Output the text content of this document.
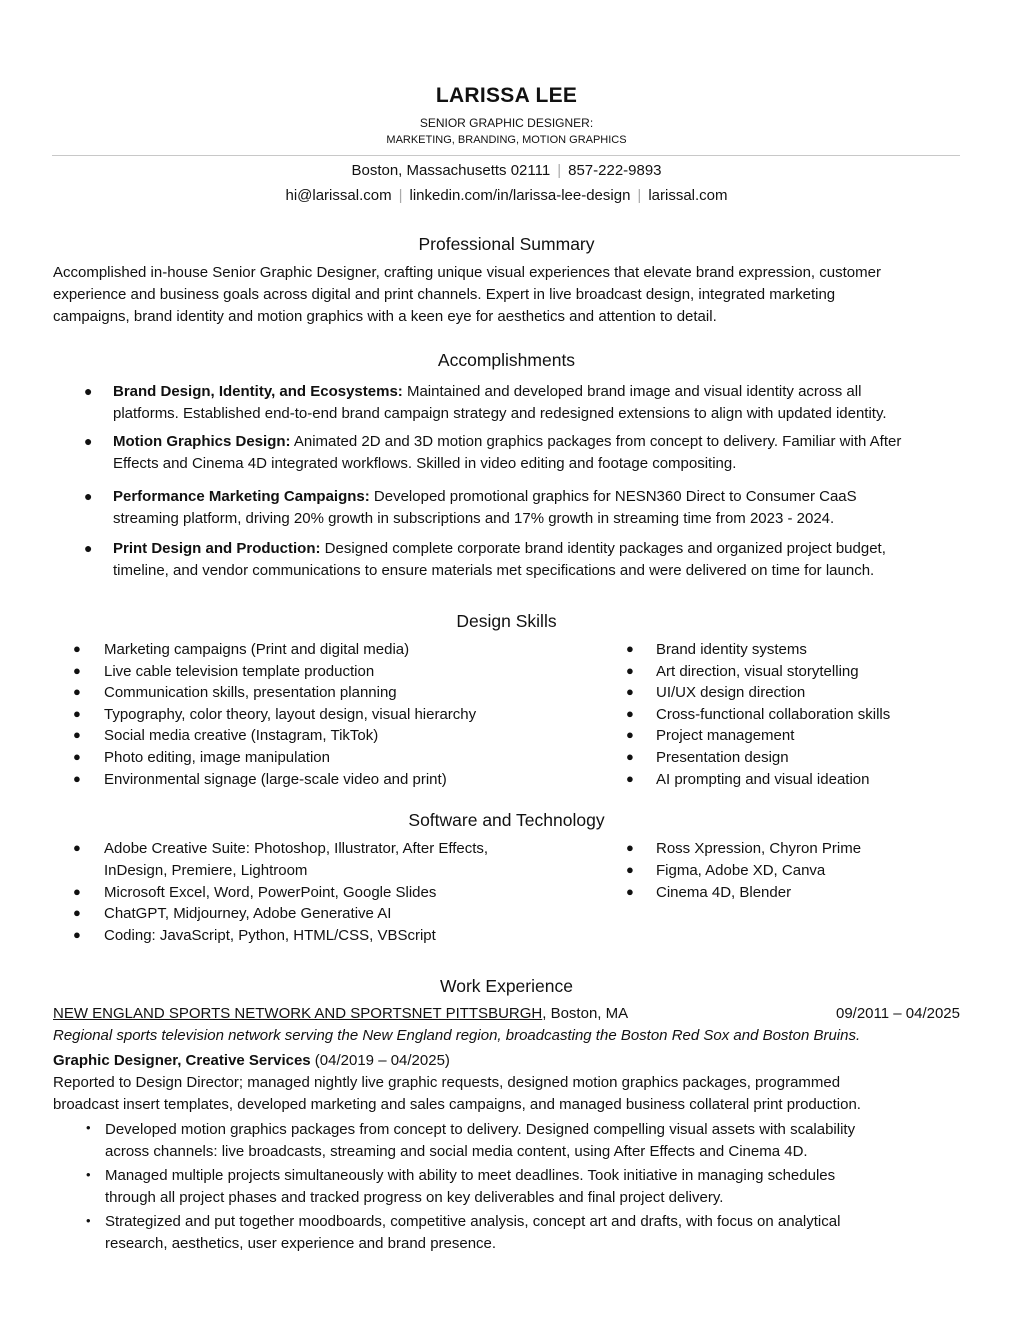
LARISSA LEE
SENIOR GRAPHIC DESIGNER:
MARKETING, BRANDING, MOTION GRAPHICS
Boston, Massachusetts 02111 | 857-222-9893
hi@larissal.com | linkedin.com/in/larissa-lee-design | larissal.com
Professional Summary
Accomplished in-house Senior Graphic Designer, crafting unique visual experiences that elevate brand expression, customer
experience and business goals across digital and print channels. Expert in live broadcast design, integrated marketing
campaigns, brand identity and motion graphics with a keen eye for aesthetics and attention to detail.
Accomplishments
● Brand Design, Identity, and Ecosystems: Maintained and developed brand image and visual identity across all
platforms. Established end-to-end brand campaign strategy and redesigned extensions to align with updated identity.
● Motion Graphics Design: Animated 2D and 3D motion graphics packages from concept to delivery. Familiar with After
Effects and Cinema 4D integrated workflows. Skilled in video editing and footage compositing.
● Performance Marketing Campaigns: Developed promotional graphics for NESN360 Direct to Consumer CaaS
streaming platform, driving 20% growth in subscriptions and 17% growth in streaming time from 2023 - 2024.
● Print Design and Production: Designed complete corporate brand identity packages and organized project budget,
timeline, and vendor communications to ensure materials met specifications and were delivered on time for launch.
Design Skills
● Marketing campaigns (Print and digital media)
● Live cable television template production
● Communication skills, presentation planning
● Typography, color theory, layout design, visual hierarchy
● Social media creative (Instagram, TikTok)
● Photo editing, image manipulation
● Environmental signage (large-scale video and print)
● Brand identity systems
● Art direction, visual storytelling
● UI/UX design direction
● Cross-functional collaboration skills
● Project management
● Presentation design
● AI prompting and visual ideation
Software and Technology
● Adobe Creative Suite: Photoshop, Illustrator, After Effects,
InDesign, Premiere, Lightroom
● Microsoft Excel, Word, PowerPoint, Google Slides
● ChatGPT, Midjourney, Adobe Generative AI
● Coding: JavaScript, Python, HTML/CSS, VBScript
● Ross Xpression, Chyron Prime
● Figma, Adobe XD, Canva
● Cinema 4D, Blender
Work Experience
NEW ENGLAND SPORTS NETWORK AND SPORTSNET PITTSBURGH, Boston, MA	09/2011 – 04/2025
Regional sports television network serving the New England region, broadcasting the Boston Red Sox and Boston Bruins.
Graphic Designer, Creative Services (04/2019 – 04/2025)
Reported to Design Director; managed nightly live graphic requests, designed motion graphics packages, programmed
broadcast insert templates, developed marketing and sales campaigns, and managed business collateral print production.
• Developed motion graphics packages from concept to delivery. Designed compelling visual assets with scalability
across channels: live broadcasts, streaming and social media content, using After Effects and Cinema 4D.
• Managed multiple projects simultaneously with ability to meet deadlines. Took initiative in managing schedules
through all project phases and tracked progress on key deliverables and final project delivery.
• Strategized and put together moodboards, competitive analysis, concept art and drafts, with focus on analytical
research, aesthetics, user experience and brand presence.
